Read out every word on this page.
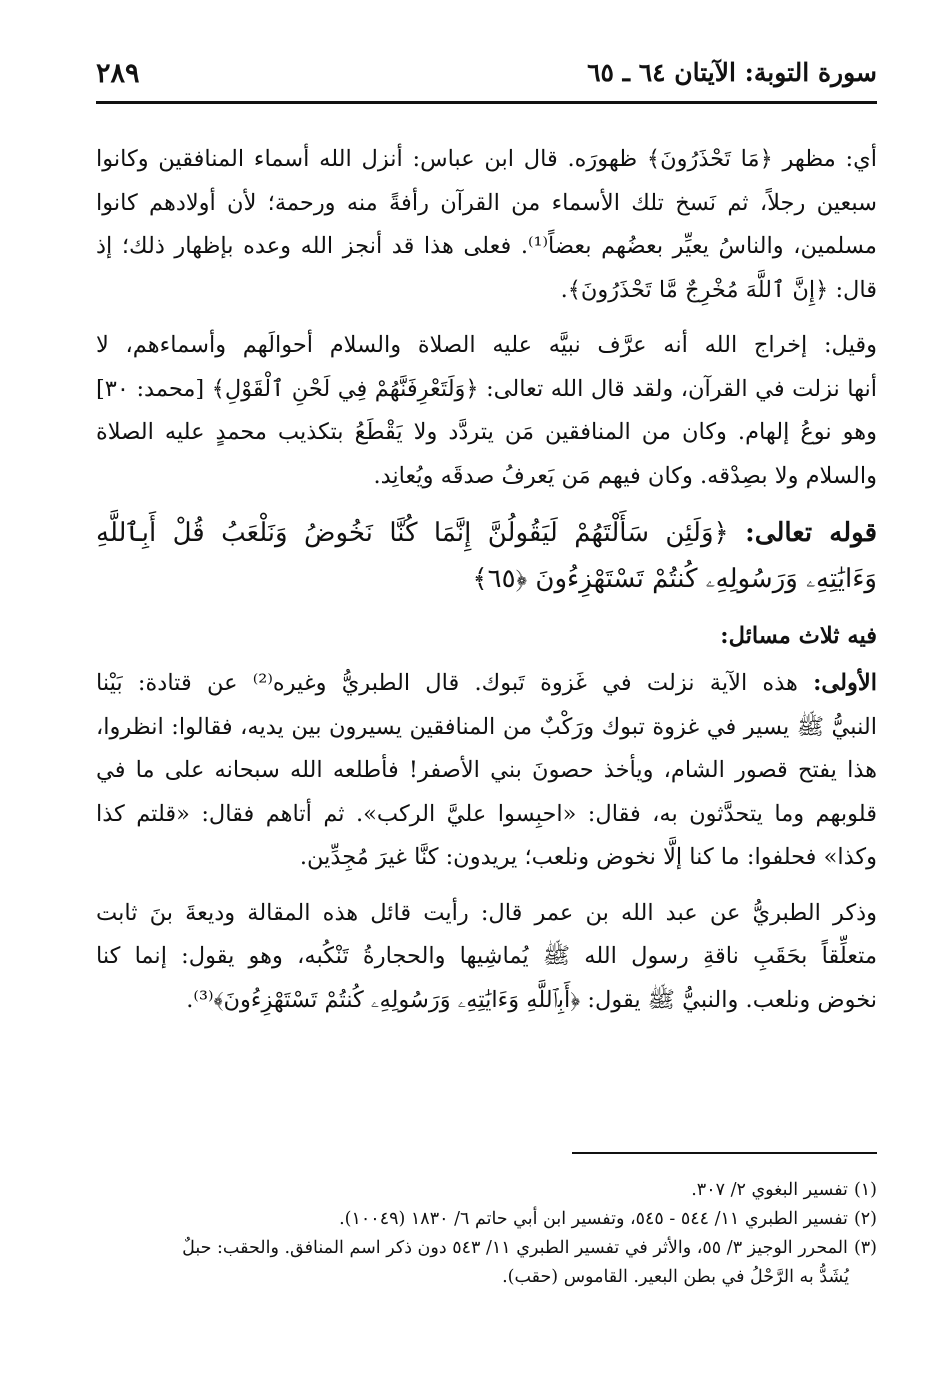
سورة التوبة: الآيتان ٦٤ ـ ٦٥
٢٨٩
أي: مظهر ﴿مَا تَحْذَرُونَ﴾ ظهورَه. قال ابن عباس: أنزل الله أسماء المنافقين وكانوا
سبعين رجلاً، ثم نَسخ تلك الأسماء من القرآن رأفةً منه ورحمة؛ لأن أولادهم كانوا
مسلمين، والناسُ يعيِّر بعضُهم بعضاً⁽¹⁾. فعلى هذا قد أنجز الله وعده بإظهار ذلك؛ إذ
قال: ﴿إِنَّ ٱللَّهَ مُخْرِجٌ مَّا تَحْذَرُونَ﴾.
وقيل: إخراج الله أنه عرَّف نبيَّه عليه الصلاة والسلام أحوالَهم وأسماءهم، لا
أنها نزلت في القرآن، ولقد قال الله تعالى: ﴿وَلَتَعْرِفَنَّهُمْ فِي لَحْنِ ٱلْقَوْلِ﴾ [محمد: ٣٠]
وهو نوعُ إلهام. وكان من المنافقين مَن يتردَّد ولا يَقْطَعُ بتكذيب محمدٍ عليه الصلاة
والسلام ولا بصِدْقه. وكان فيهم مَن يَعرفُ صدقَه ويُعانِد.
قوله تعالى: ﴿وَلَئِن سَأَلْتَهُمْ لَيَقُولُنَّ إِنَّمَا كُنَّا نَخُوضُ وَنَلْعَبُ قُلْ أَبِٱللَّهِ
وَءَايَٰتِهِۦ وَرَسُولِهِۦ كُنتُمْ تَسْتَهْزِءُونَ ﴿٦٥﴾
فيه ثلاث مسائل:
الأولى: هذه الآية نزلت في غَزوة تَبوك. قال الطبريُّ وغيره⁽²⁾ عن قتادة: بَيْنا
النبيُّ ﷺ يسير في غزوة تبوك ورَكْبٌ من المنافقين يسيرون بين يديه، فقالوا: انظروا،
هذا يفتح قصور الشام، ويأخذ حصونَ بني الأصفر! فأطلعه الله سبحانه على ما في
قلوبهم وما يتحدَّثون به، فقال: «احبِسوا عليَّ الركب». ثم أتاهم فقال: «قلتم كذا
وكذا» فحلفوا: ما كنا إلَّا نخوض ونلعب؛ يريدون: كنَّا غيرَ مُجِدِّين.
وذكر الطبريُّ عن عبد الله بن عمر قال: رأيت قائل هذه المقالة وديعةَ بنَ ثابت
متعلِّقاً بحَقَبِ ناقةِ رسول الله ﷺ يُماشِيها والحجارةُ تَنْكُبه، وهو يقول: إنما كنا
نخوض ونلعب. والنبيُّ ﷺ يقول: ﴿أَبِٱللَّهِ وَءَايَٰتِهِۦ وَرَسُولِهِۦ كُنتُمْ تَسْتَهْزِءُونَ﴾⁽³⁾.
(١)تفسير البغوي ٢/ ٣٠٧.
(٢)تفسير الطبري ١١/ ٥٤٤ - ٥٤٥، وتفسير ابن أبي حاتم ٦/ ١٨٣٠ (١٠٠٤٩).
(٣)المحرر الوجيز ٣/ ٥٥، والأثر في تفسير الطبري ١١/ ٥٤٣ دون ذكر اسم المنافق. والحقب: حبلٌ
يُشَدُّ به الرَّحْلُ في بطن البعير. القاموس (حقب).
